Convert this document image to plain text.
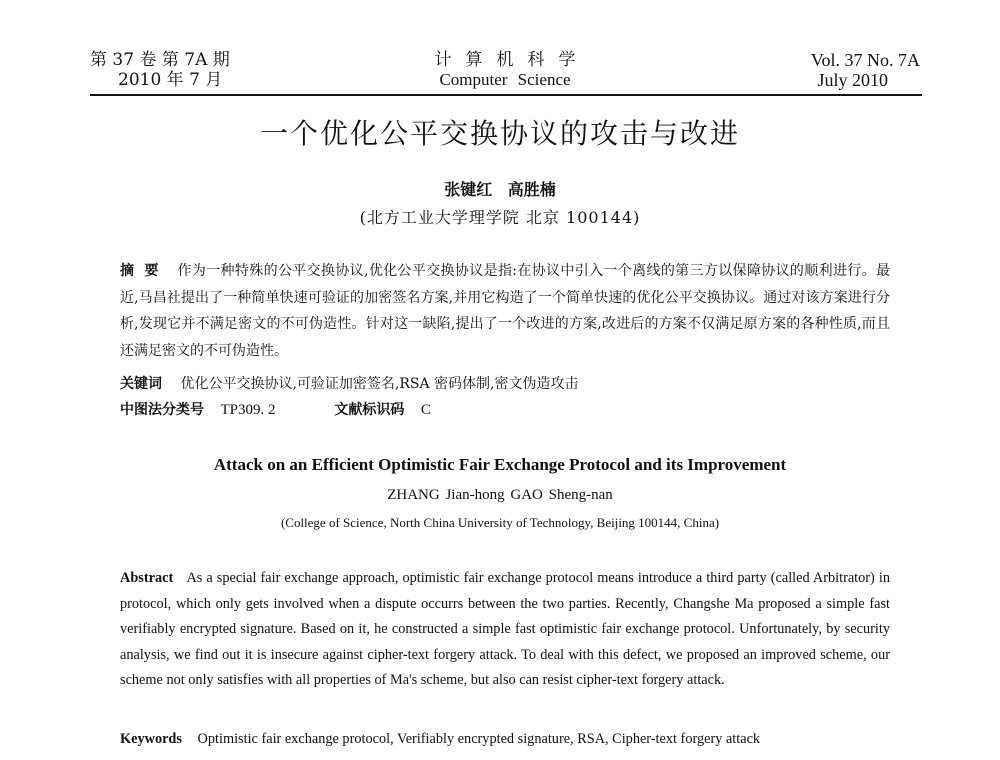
第 37 卷 第 7A 期
2010 年 7 月
计算机科学
Computer Science
Vol. 37 No. 7A
July 2010
一个优化公平交换协议的攻击与改进
张键红 高胜楠
(北方工业大学理学院 北京 100144)
摘要 作为一种特殊的公平交换协议,优化公平交换协议是指:在协议中引入一个离线的第三方以保障协议的顺利进行。最近,马昌社提出了一种简单快速可验证的加密签名方案,并用它构造了一个简单快速的优化公平交换协议。通过对该方案进行分析,发现它并不满足密文的不可伪造性。针对这一缺陷,提出了一个改进的方案,改进后的方案不仅满足原方案的各种性质,而且还满足密文的不可伪造性。
关键词 优化公平交换协议,可验证加密签名,RSA 密码体制,密文伪造攻击
中图法分类号 TP309. 2	文献标识码 C
Attack on an Efficient Optimistic Fair Exchange Protocol and its Improvement
ZHANG Jian-hong GAO Sheng-nan
(College of Science, North China University of Technology, Beijing 100144, China)
Abstract As a special fair exchange approach, optimistic fair exchange protocol means introduce a third party (called Arbitrator) in protocol, which only gets involved when a dispute occurrs between the two parties. Recently, Changshe Ma proposed a simple fast verifiably encrypted signature. Based on it, he constructed a simple fast optimistic fair exchange protocol. Unfortunately, by security analysis, we find out it is insecure against cipher-text forgery attack. To deal with this defect, we proposed an improved scheme, our scheme not only satisfies with all properties of Ma's scheme, but also can resist cipher-text forgery attack.
Keywords Optimistic fair exchange protocol, Verifiably encrypted signature, RSA, Cipher-text forgery attack
